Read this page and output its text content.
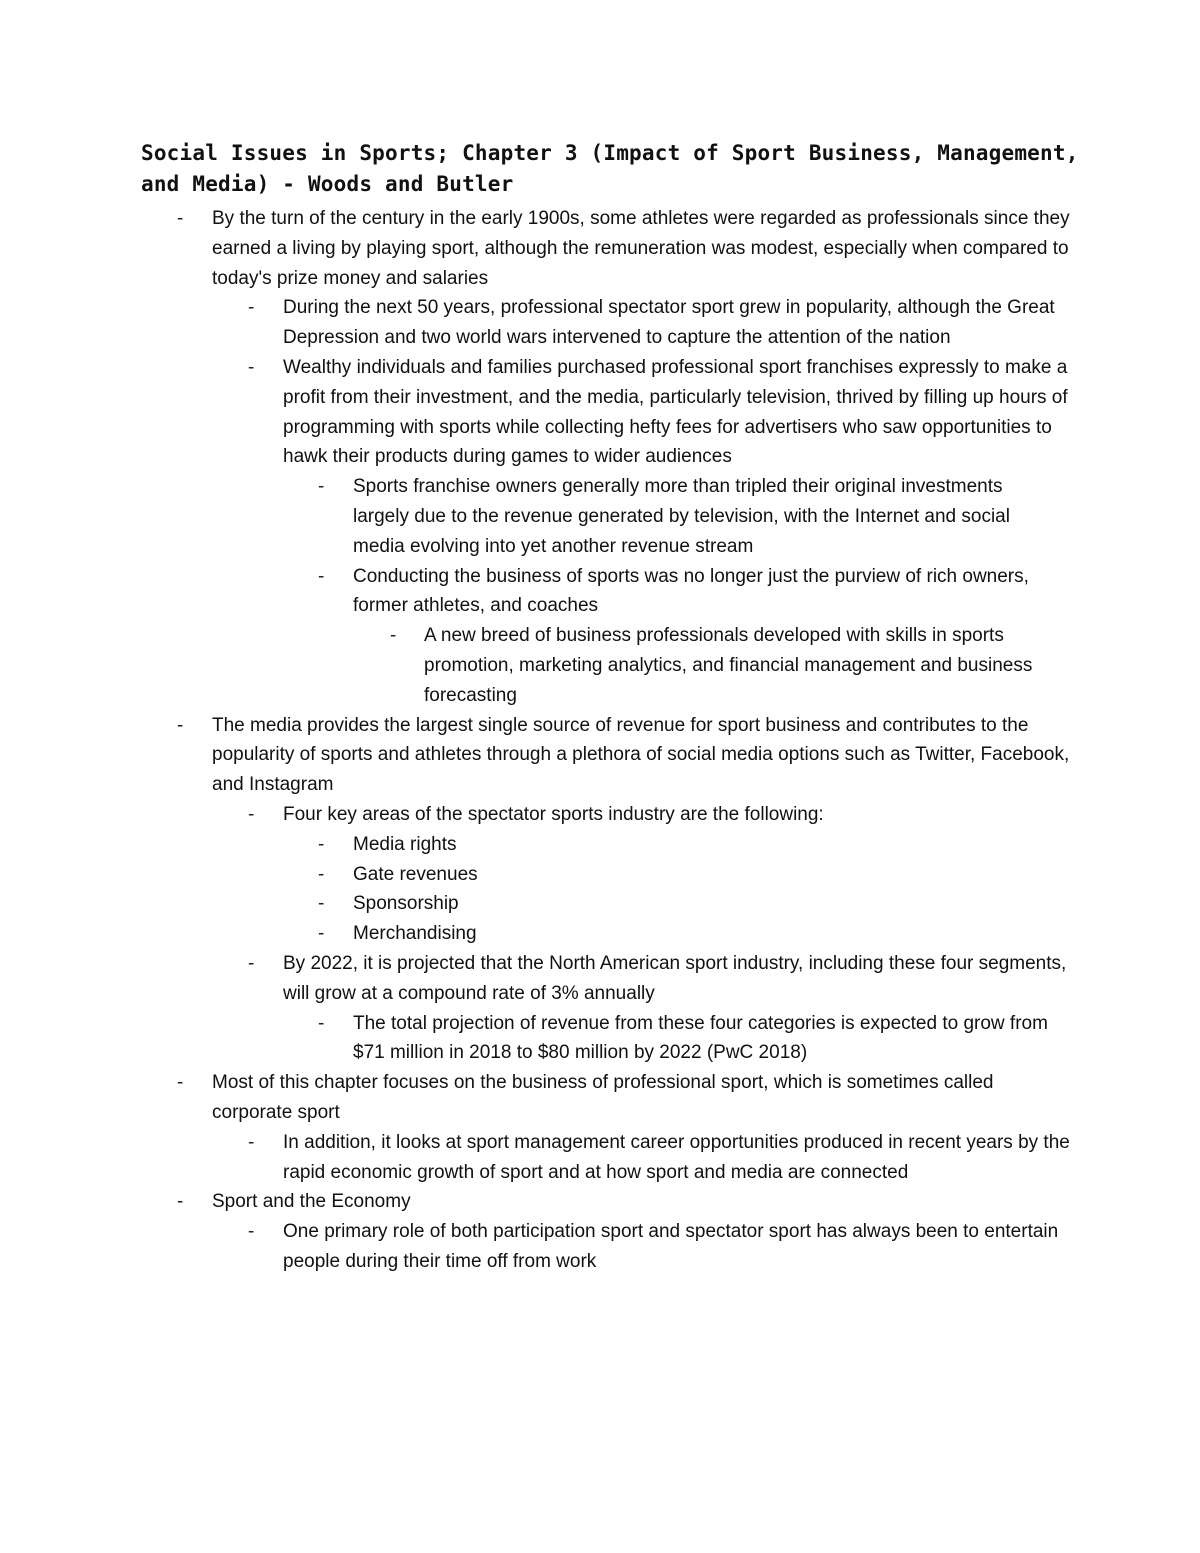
Social Issues in Sports; Chapter 3 (Impact of Sport Business, Management, and Media) - Woods and Butler
-	By the turn of the century in the early 1900s, some athletes were regarded as professionals since they earned a living by playing sport, although the remuneration was modest, especially when compared to today's prize money and salaries
-	During the next 50 years, professional spectator sport grew in popularity, although the Great Depression and two world wars intervened to capture the attention of the nation
-	Wealthy individuals and families purchased professional sport franchises expressly to make a profit from their investment, and the media, particularly television, thrived by filling up hours of programming with sports while collecting hefty fees for advertisers who saw opportunities to hawk their products during games to wider audiences
-	Sports franchise owners generally more than tripled their original investments largely due to the revenue generated by television, with the Internet and social media evolving into yet another revenue stream
-	Conducting the business of sports was no longer just the purview of rich owners, former athletes, and coaches
-	A new breed of business professionals developed with skills in sports promotion, marketing analytics, and financial management and business forecasting
-	The media provides the largest single source of revenue for sport business and contributes to the popularity of sports and athletes through a plethora of social media options such as Twitter, Facebook, and Instagram
-	Four key areas of the spectator sports industry are the following:
-	Media rights
-	Gate revenues
-	Sponsorship
-	Merchandising
-	By 2022, it is projected that the North American sport industry, including these four segments, will grow at a compound rate of 3% annually
-	The total projection of revenue from these four categories is expected to grow from $71 million in 2018 to $80 million by 2022 (PwC 2018)
-	Most of this chapter focuses on the business of professional sport, which is sometimes called corporate sport
-	In addition, it looks at sport management career opportunities produced in recent years by the rapid economic growth of sport and at how sport and media are connected
-	Sport and the Economy
-	One primary role of both participation sport and spectator sport has always been to entertain people during their time off from work
